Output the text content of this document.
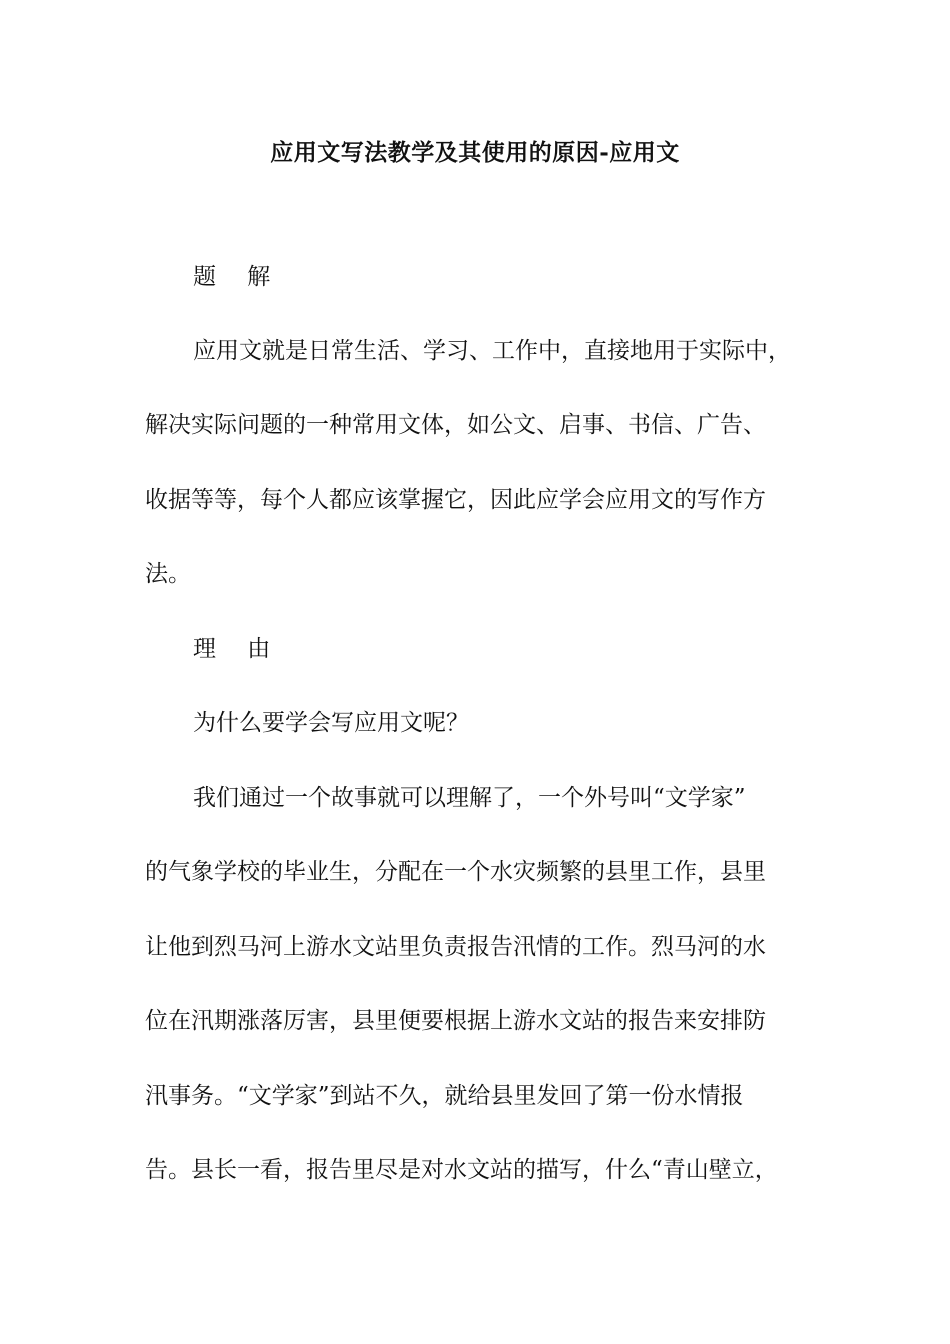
应用文写法教学及其使用的原因-应用文
题 解
应用文就是日常生活、学习、工作中，直接地用于实际中，
解决实际问题的一种常用文体，如公文、启事、书信、广告、
收据等等，每个人都应该掌握它，因此应学会应用文的写作方
法。
理 由
为什么要学会写应用文呢？
我们通过一个故事就可以理解了，一个外号叫“文学家”
的气象学校的毕业生，分配在一个水灾频繁的县里工作，县里
让他到烈马河上游水文站里负责报告汛情的工作。烈马河的水
位在汛期涨落厉害，县里便要根据上游水文站的报告来安排防
汛事务。“文学家”到站不久，就给县里发回了第一份水情报
告。县长一看，报告里尽是对水文站的描写，什么“青山壁立，
